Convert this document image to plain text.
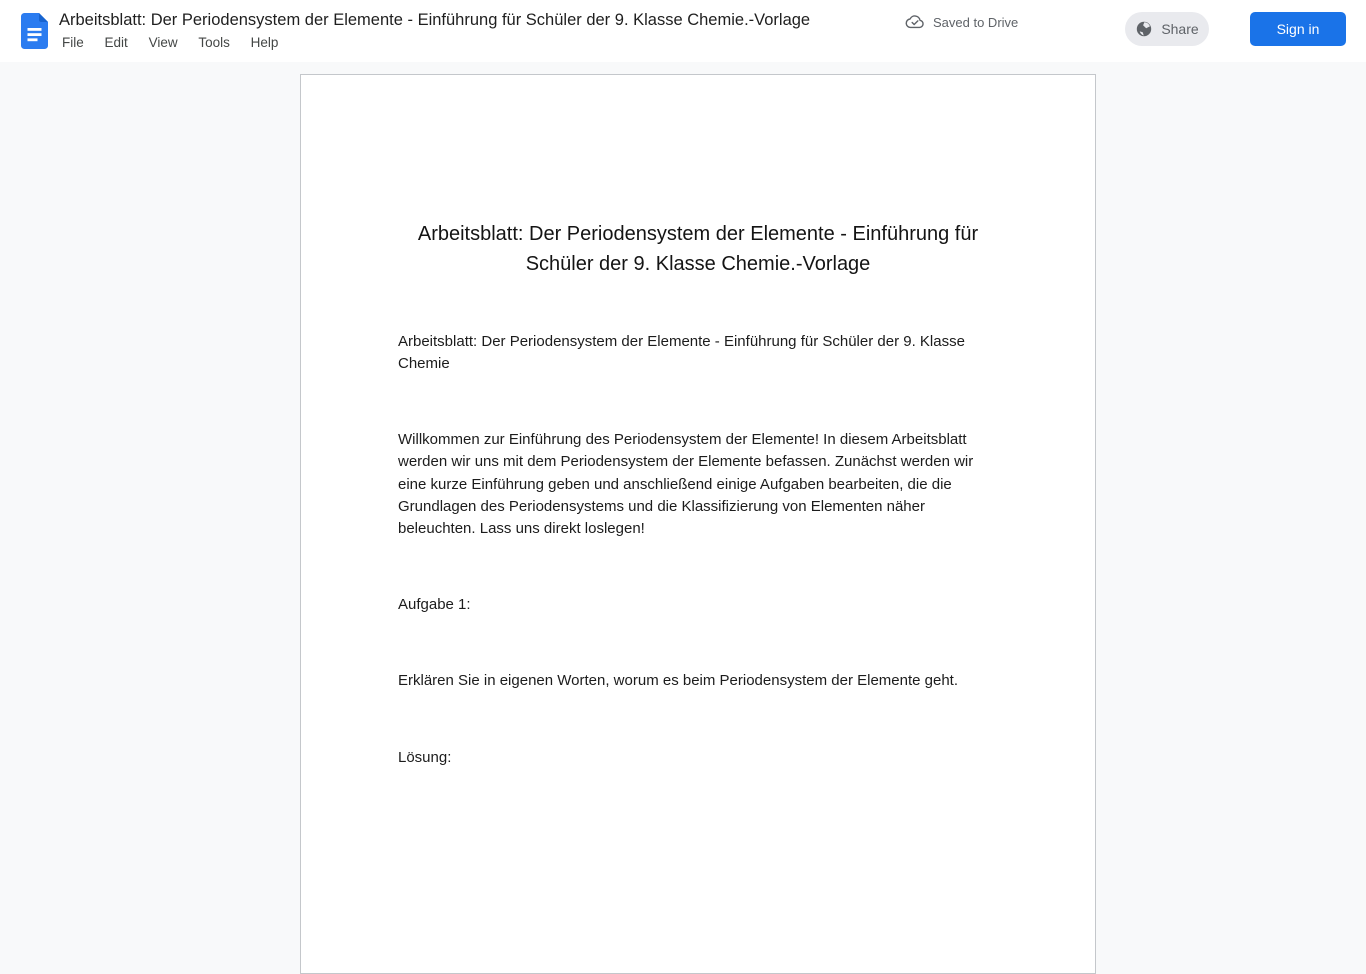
Arbeitsblatt: Der Periodensystem der Elemente - Einführung für Schüler der 9. Klasse Chemie.-Vorlage
File Edit View Tools Help
Saved to Drive	Share	Sign in
Arbeitsblatt: Der Periodensystem der Elemente - Einführung für Schüler der 9. Klasse Chemie.-Vorlage

Arbeitsblatt: Der Periodensystem der Elemente - Einführung für Schüler der 9. Klasse Chemie

Willkommen zur Einführung des Periodensystem der Elemente! In diesem Arbeitsblatt werden wir uns mit dem Periodensystem der Elemente befassen. Zunächst werden wir eine kurze Einführung geben und anschließend einige Aufgaben bearbeiten, die die Grundlagen des Periodensystems und die Klassifizierung von Elementen näher beleuchten. Lass uns direkt loslegen!

Aufgabe 1:

Erklären Sie in eigenen Worten, worum es beim Periodensystem der Elemente geht.

Lösung:
